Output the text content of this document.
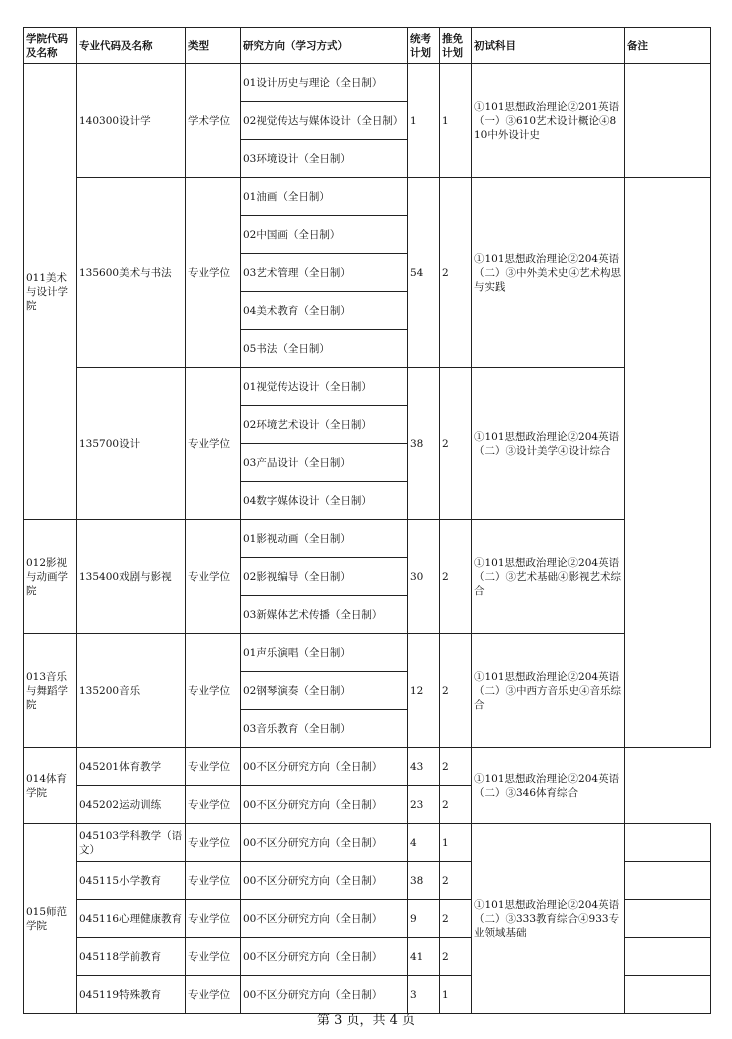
学院代码及名称	专业代码及名称	类型	研究方向（学习方式）	统考计划	推免计划	初试科目	备注
011美术与设计学院	140300设计学	学术学位	01设计历史与理论（全日制）	1	1	①101思想政治理论②201英语（一）③610艺术设计概论④810中外设计史	
			02视觉传达与媒体设计（全日制）				
			03环境设计（全日制）				
	135600美术与书法	专业学位	01油画（全日制）	54	2	①101思想政治理论②204英语（二）③中外美术史④艺术构思与实践	
			02中国画（全日制）				
			03艺术管理（全日制）				
			04美术教育（全日制）				
			05书法（全日制）				
	135700设计	专业学位	01视觉传达设计（全日制）	38	2	①101思想政治理论②204英语（二）③设计美学④设计综合	
			02环境艺术设计（全日制）				
			03产品设计（全日制）				
			04数字媒体设计（全日制）				
012影视与动画学院	135400戏剧与影视	专业学位	01影视动画（全日制）	30	2	①101思想政治理论②204英语（二）③艺术基础④影视艺术综合	
			02影视编导（全日制）				
			03新媒体艺术传播（全日制）				
013音乐与舞蹈学院	135200音乐	专业学位	01声乐演唱（全日制）	12	2	①101思想政治理论②204英语（二）③中西方音乐史④音乐综合	
			02钢琴演奏（全日制）				
			03音乐教育（全日制）				
014体育学院	045201体育教学	专业学位	00不区分研究方向（全日制）	43	2	①101思想政治理论②204英语（二）③346体育综合	
	045202运动训练	专业学位	00不区分研究方向（全日制）	23	2		
015师范学院	045103学科教学（语文）	专业学位	00不区分研究方向（全日制）	4	1	①101思想政治理论②204英语（二）③333教育综合④933专业领域基础	
	045115小学教育	专业学位	00不区分研究方向（全日制）	38	2		
	045116心理健康教育	专业学位	00不区分研究方向（全日制）	9	2		
	045118学前教育	专业学位	00不区分研究方向（全日制）	41	2		
	045119特殊教育	专业学位	00不区分研究方向（全日制）	3	1		
第 3 页，共 4 页
